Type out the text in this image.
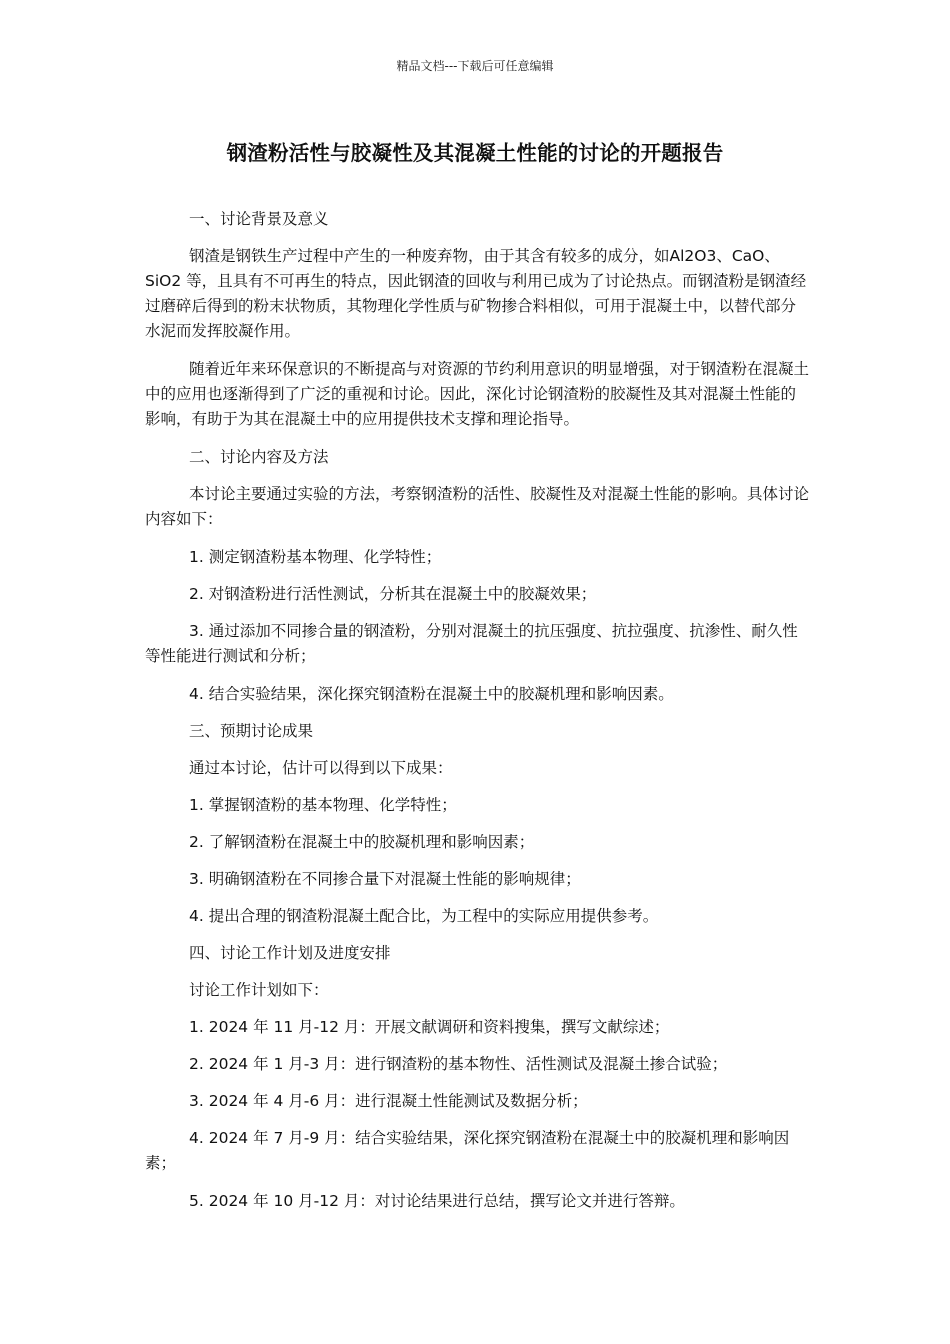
精品文档---下载后可任意编辑
钢渣粉活性与胶凝性及其混凝土性能的讨论的开题报告

一、讨论背景及意义

钢渣是钢铁生产过程中产生的一种废弃物，由于其含有较多的成分，如Al2O3、CaO、SiO2 等，且具有不可再生的特点，因此钢渣的回收与利用已成为了讨论热点。而钢渣粉是钢渣经过磨碎后得到的粉末状物质，其物理化学性质与矿物掺合料相似，可用于混凝土中，以替代部分水泥而发挥胶凝作用。

随着近年来环保意识的不断提高与对资源的节约利用意识的明显增强，对于钢渣粉在混凝土中的应用也逐渐得到了广泛的重视和讨论。因此，深化讨论钢渣粉的胶凝性及其对混凝土性能的影响，有助于为其在混凝土中的应用提供技术支撑和理论指导。

二、讨论内容及方法

本讨论主要通过实验的方法，考察钢渣粉的活性、胶凝性及对混凝土性能的影响。具体讨论内容如下：

1. 测定钢渣粉基本物理、化学特性；

2. 对钢渣粉进行活性测试，分析其在混凝土中的胶凝效果；

3. 通过添加不同掺合量的钢渣粉，分别对混凝土的抗压强度、抗拉强度、抗渗性、耐久性等性能进行测试和分析；

4. 结合实验结果，深化探究钢渣粉在混凝土中的胶凝机理和影响因素。

三、预期讨论成果

通过本讨论，估计可以得到以下成果：

1. 掌握钢渣粉的基本物理、化学特性；

2. 了解钢渣粉在混凝土中的胶凝机理和影响因素；

3. 明确钢渣粉在不同掺合量下对混凝土性能的影响规律；

4. 提出合理的钢渣粉混凝土配合比，为工程中的实际应用提供参考。

四、讨论工作计划及进度安排

讨论工作计划如下：

1. 2024 年 11 月-12 月：开展文献调研和资料搜集，撰写文献综述；

2. 2024 年 1 月-3 月：进行钢渣粉的基本物性、活性测试及混凝土掺合试验；

3. 2024 年 4 月-6 月：进行混凝土性能测试及数据分析；

4. 2024 年 7 月-9 月：结合实验结果，深化探究钢渣粉在混凝土中的胶凝机理和影响因素；

5. 2024 年 10 月-12 月：对讨论结果进行总结，撰写论文并进行答辩。
